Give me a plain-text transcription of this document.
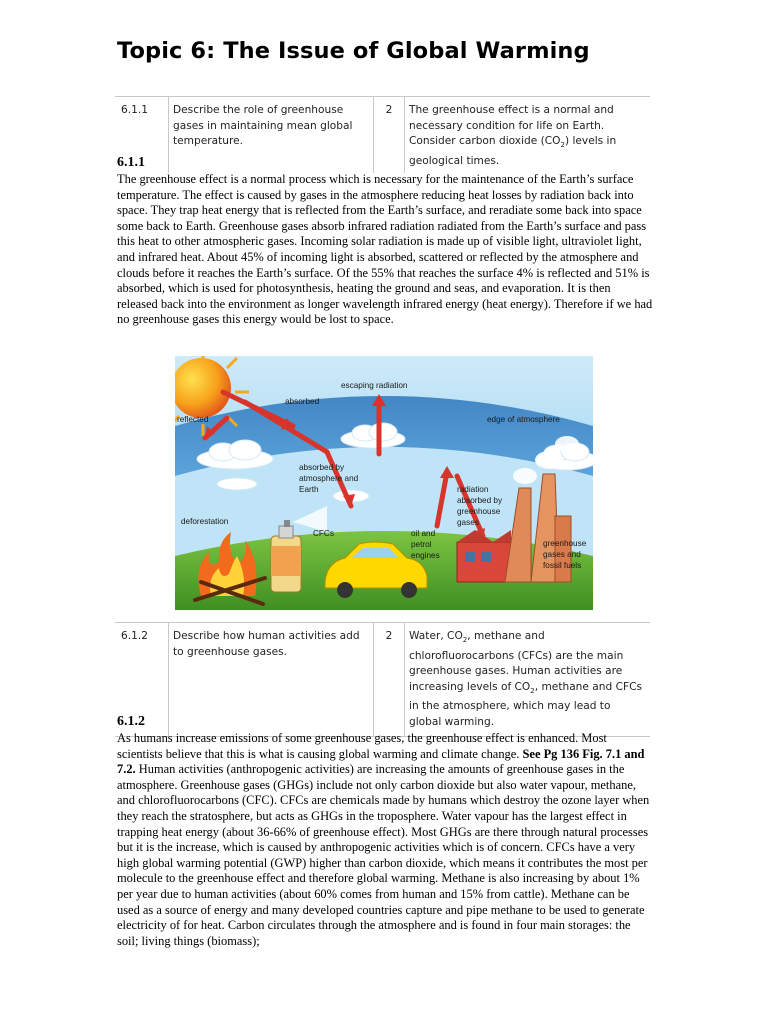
Topic 6: The Issue of Global Warming
6.1.1	Describe the role of greenhouse gases in maintaining mean global temperature.	2	The greenhouse effect is a normal and necessary condition for life on Earth. Consider carbon dioxide $(CO_2)$ levels in geological times.
6.1.1

The greenhouse effect is a normal process which is necessary for the maintenance of the Earth’s surface temperature. The effect is caused by gases in the atmosphere reducing heat losses by radiation back into space. They trap heat energy that is reflected from the Earth’s surface, and reradiate some back into space some back to Earth. Greenhouse gases absorb infrared radiation radiated from the Earth’s surface and pass this heat to other atmospheric gases. Incoming solar radiation is made up of visible light, ultraviolet light, and infrared heat. About 45% of incoming light is absorbed, scattered or reflected by the atmosphere and clouds before it reaches the Earth’s surface. Of the 55% that reaches the surface 4% is reflected and 51% is absorbed, which is used for photosynthesis, heating the ground and seas, and evaporation. It is then released back into the environment as longer wavelength infrared energy (heat energy). Therefore if we had no greenhouse gases this energy would be lost to space.

reflected
absorbed
escaping radiation
edge of atmosphere
absorbed by
atmosphere and
Earth	radiation
absorbed by
greenhouse
gases
deforestation
CFCs	oil and
petrol
engines
greenhouse
gases and
fossil fuels
6.1.2	Describe how human activities add to greenhouse gases.	2	Water, $CO_2$, methane and chlorofluorocarbons (CFCs) are the main greenhouse gases. Human activities are increasing levels of $CO_2$, methane and CFCs in the atmosphere, which may lead to global warming.
6.1.2

As humans increase emissions of some greenhouse gases, the greenhouse effect is enhanced. Most scientists believe that this is what is causing global warming and climate change. See Pg 136 Fig. 7.1 and 7.2. Human activities (anthropogenic activities) are increasing the amounts of greenhouse gases in the atmosphere. Greenhouse gases (GHGs) include not only carbon dioxide but also water vapour, methane, and chlorofluorocarbons (CFC). CFCs are chemicals made by humans which destroy the ozone layer when they reach the stratosphere, but acts as GHGs in the troposphere. Water vapour has the largest effect in trapping heat energy (about 36-66% of greenhouse effect). Most GHGs are there through natural processes but it is the increase, which is caused by anthropogenic activities which is of concern. CFCs have a very high global warming potential (GWP) higher than carbon dioxide, which means it contributes the most per molecule to the greenhouse effect and therefore global warming. Methane is also increasing by about 1% per year due to human activities (about 60% comes from human and 15% from cattle). Methane can be used as a source of energy and many developed countries capture and pipe methane to be used to generate electricity of for heat. Carbon circulates through the atmosphere and is found in four main storages: the soil; living things (biomass);
